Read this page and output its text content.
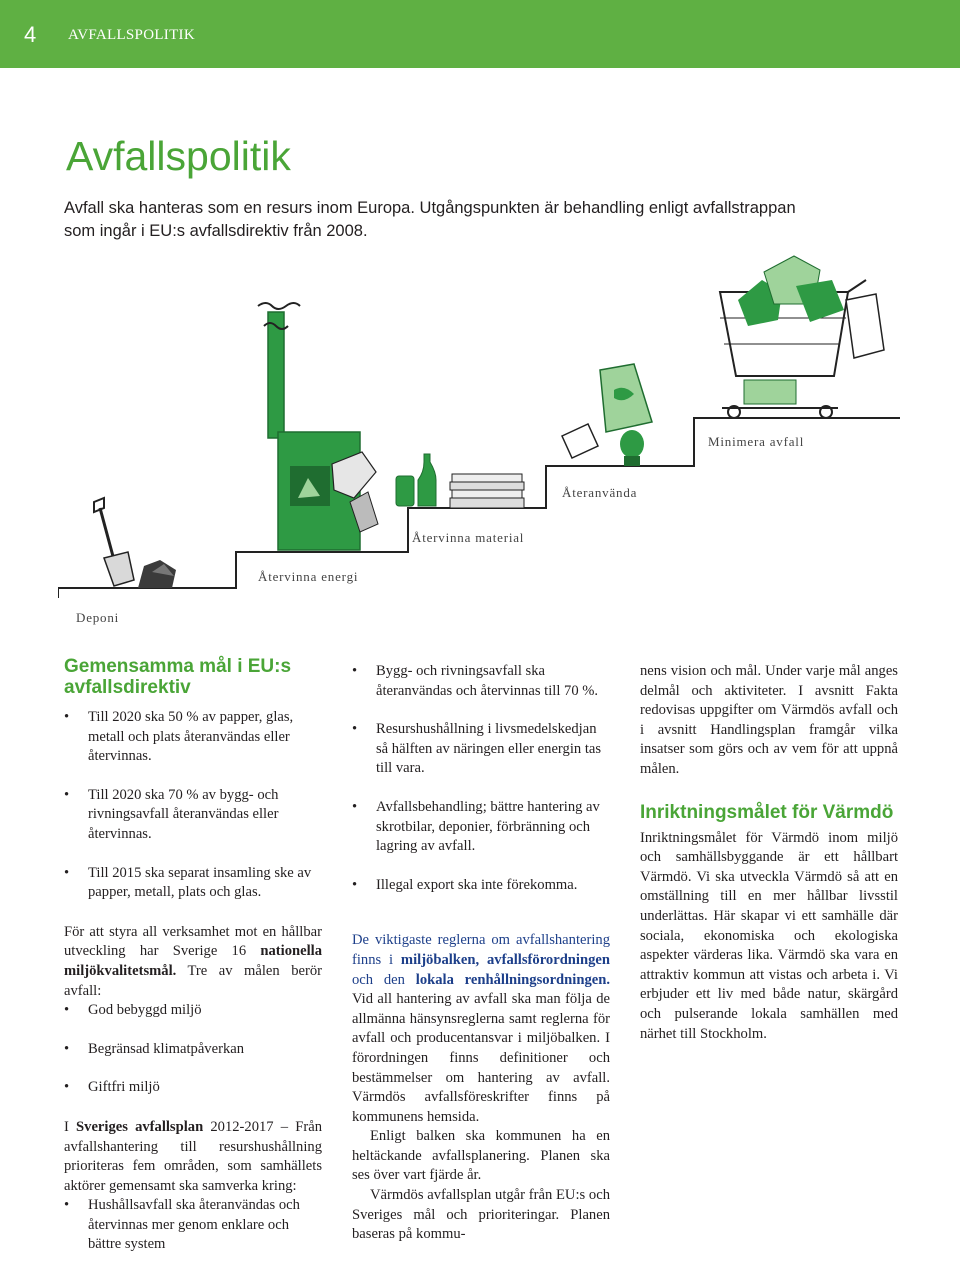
4 AVFALLSPOLITIK
Avfallspolitik

Avfall ska hanteras som en resurs inom Europa. Utgångspunkten är behandling enligt avfallstrappan som ingår i EU:s avfallsdirektiv från 2008.

Minimera avfall
Återanvända
Återvinna material
Återvinna energi
Deponi
Gemensamma mål i EU:s avfallsdirektiv
• Till 2020 ska 50 % av papper, glas, metall och plats återanvändas eller återvinnas.
• Till 2020 ska 70 % av bygg- och rivningsavfall återanvändas eller återvinnas.
• Till 2015 ska separat insamling ske av papper, metall, plats och glas.

För att styra all verksamhet mot en hållbar utveckling har Sverige 16 nationella miljökvalitetsmål. Tre av målen berör avfall:

• God bebyggd miljö
• Begränsad klimatpåverkan
• Giftfri miljö

I Sveriges avfallsplan 2012-2017 – Från avfallshantering till resurshushållning prioriteras fem områden, som samhällets aktörer gemensamt ska samverka kring:

• Hushållsavfall ska återanvändas och återvinnas mer genom enklare och bättre system
• Bygg- och rivningsavfall ska återanvändas och återvinnas till 70 %.
• Resurshushållning i livsmedelskedjan så hälften av näringen eller energin tas till vara.
• Avfallsbehandling; bättre hantering av skrotbilar, deponier, förbränning och lagring av avfall.
• Illegal export ska inte förekomma.

De viktigaste reglerna om avfallshantering finns i miljöbalken, avfallsförordningen och den lokala renhållningsordningen. Vid all hantering av avfall ska man följa de allmänna hänsynsreglerna samt reglerna för avfall och producentansvar i miljöbalken. I förordningen finns definitioner och bestämmelser om hantering av avfall. Värmdös avfallsföreskrifter finns på kommunens hemsida.

Enligt balken ska kommunen ha en heltäckande avfallsplanering. Planen ska ses över vart fjärde år.

Värmdös avfallsplan utgår från EU:s och Sveriges mål och prioriteringar. Planen baseras på kommu-

nens vision och mål. Under varje mål anges delmål och aktiviteter. I avsnitt Fakta redovisas uppgifter om Värmdös avfall och i avsnitt Handlingsplan framgår vilka insatser som görs och av vem för att uppnå målen.

Inriktningsmålet för Värmdö

Inriktningsmålet för Värmdö inom miljö och samhällsbyggande är ett hållbart Värmdö. Vi ska utveckla Värmdö så att en omställning till en mer hållbar livsstil underlättas. Här skapar vi ett samhälle där sociala, ekonomiska och ekologiska aspekter värderas lika. Värmdö ska vara en attraktiv kommun att vistas och arbeta i. Vi erbjuder ett liv med både natur, skärgård och pulserande lokala samhällen med närhet till Stockholm.
